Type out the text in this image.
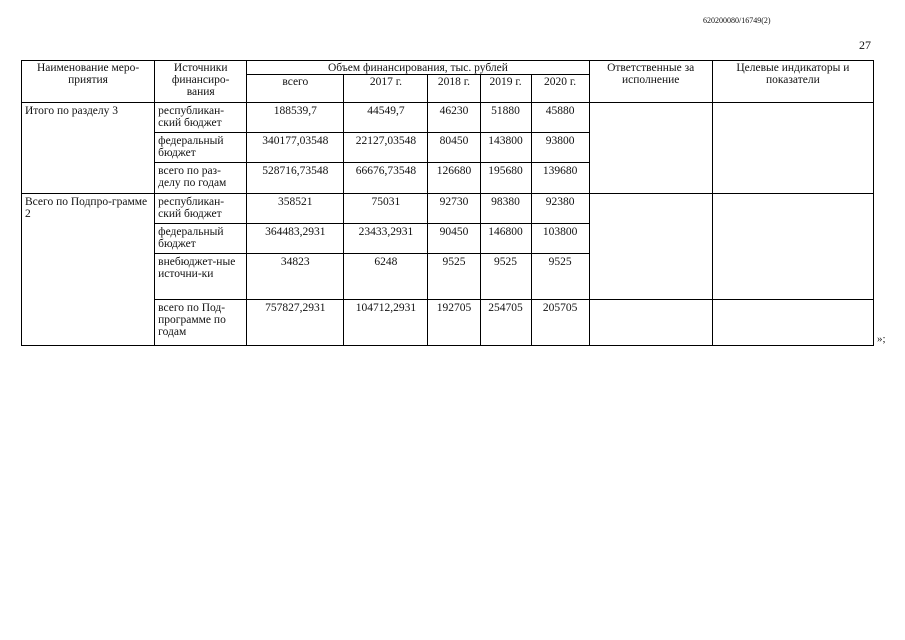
620200080/16749(2)
27
Наименование меро-приятия	Источники финансиро-вания	Объем финансирования, тыс. рублей					Ответственные за исполнение	Целевые индикаторы и показатели
		всего	2017 г.	2018 г.	2019 г.	2020 г.		
Итого по разделу 3	республикан-ский бюджет	188539,7	44549,7	46230	51880	45880		
	федеральный бюджет	340177,03548	22127,03548	80450	143800	93800		
	всего по раз-делу по годам	528716,73548	66676,73548	126680	195680	139680		
Всего по Подпро-грамме 2	республикан-ский бюджет	358521	75031	92730	98380	92380		
	федеральный бюджет	364483,2931	23433,2931	90450	146800	103800		
	внебюджет-ные источни-ки	34823	6248	9525	9525	9525		
	всего по Под-программе по годам	757827,2931	104712,2931	192705	254705	205705		
»;
